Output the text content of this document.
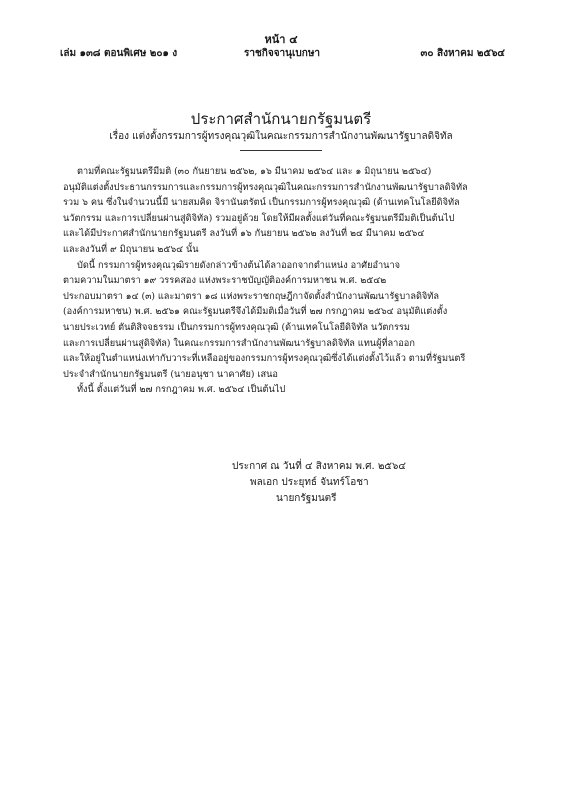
หน้า ๔
เล่ม ๑๓๘ ตอนพิเศษ ๒๐๑ ง	ราชกิจจานุเบกษา	๓๐ สิงหาคม ๒๕๖๔
ประกาศสำนักนายกรัฐมนตรี
เรื่อง แต่งตั้งกรรมการผู้ทรงคุณวุฒิในคณะกรรมการสำนักงานพัฒนารัฐบาลดิจิทัล
ตามที่คณะรัฐมนตรีมีมติ (๓๐ กันยายน ๒๕๖๒, ๑๖ มีนาคม ๒๕๖๔ และ ๑ มิถุนายน ๒๕๖๔)
อนุมัติแต่งตั้งประธานกรรมการและกรรมการผู้ทรงคุณวุฒิในคณะกรรมการสำนักงานพัฒนารัฐบาลดิจิทัล
รวม ๖ คน ซึ่งในจำนวนนี้มี นายสมคิด จิรานันตรัตน์ เป็นกรรมการผู้ทรงคุณวุฒิ (ด้านเทคโนโลยีดิจิทัล
นวัตกรรม และการเปลี่ยนผ่านสู่ดิจิทัล) รวมอยู่ด้วย โดยให้มีผลตั้งแต่วันที่คณะรัฐมนตรีมีมติเป็นต้นไป
และได้มีประกาศสำนักนายกรัฐมนตรี ลงวันที่ ๑๖ กันยายน ๒๕๖๒ ลงวันที่ ๒๔ มีนาคม ๒๕๖๔
และลงวันที่ ๙ มิถุนายน ๒๕๖๔ นั้น
บัดนี้ กรรมการผู้ทรงคุณวุฒิรายดังกล่าวข้างต้นได้ลาออกจากตำแหน่ง อาศัยอำนาจ
ตามความในมาตรา ๑๙ วรรคสอง แห่งพระราชบัญญัติองค์การมหาชน พ.ศ. ๒๕๔๒
ประกอบมาตรา ๑๔ (๓) และมาตรา ๑๘ แห่งพระราชกฤษฎีกาจัดตั้งสำนักงานพัฒนารัฐบาลดิจิทัล
(องค์การมหาชน) พ.ศ. ๒๕๖๑ คณะรัฐมนตรีจึงได้มีมติเมื่อวันที่ ๒๗ กรกฎาคม ๒๕๖๔ อนุมัติแต่งตั้ง
นายประเวทย์ ตันติสิจจธรรม เป็นกรรมการผู้ทรงคุณวุฒิ (ด้านเทคโนโลยีดิจิทัล นวัตกรรม
และการเปลี่ยนผ่านสู่ดิจิทัล) ในคณะกรรมการสำนักงานพัฒนารัฐบาลดิจิทัล แทนผู้ที่ลาออก
และให้อยู่ในตำแหน่งเท่ากับวาระที่เหลืออยู่ของกรรมการผู้ทรงคุณวุฒิซึ่งได้แต่งตั้งไว้แล้ว ตามที่รัฐมนตรี
ประจำสำนักนายกรัฐมนตรี (นายอนุชา นาคาศัย) เสนอ
ทั้งนี้ ตั้งแต่วันที่ ๒๗ กรกฎาคม พ.ศ. ๒๕๖๔ เป็นต้นไป
ประกาศ ณ วันที่ ๔ สิงหาคม พ.ศ. ๒๕๖๔
พลเอก ประยุทธ์ จันทร์โอชา
นายกรัฐมนตรี
